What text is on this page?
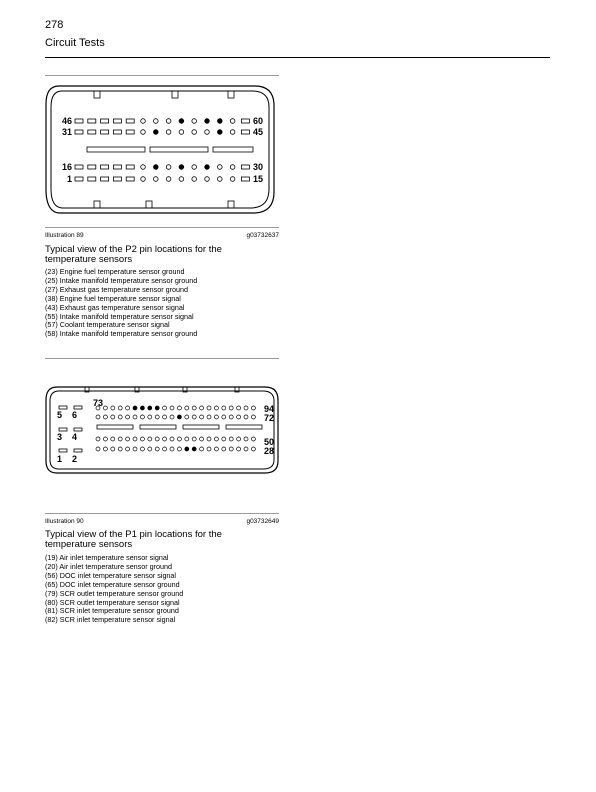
278
Circuit Tests
46	60
31	45
16	30
1	15
Illustration 89	g03732637
Typical view of the P2 pin locations for the temperature sensors
(23) Engine fuel temperature sensor ground
(25) Intake manifold temperature sensor ground
(27) Exhaust gas temperature sensor ground
(38) Engine fuel temperature sensor signal
(43) Exhaust gas temperature sensor signal
(55) Intake manifold temperature sensor signal
(57) Coolant temperature sensor signal
(58) Intake manifold temperature sensor ground
73
94
72
5 6
3 4	50
28
1 2
Illustration 90	g03732649
Typical view of the P1 pin locations for the temperature sensors
(19) Air inlet temperature sensor signal
(20) Air inlet temperature sensor ground
(56) DOC inlet temperature sensor signal
(65) DOC inlet temperature sensor ground
(79) SCR outlet temperature sensor ground
(80) SCR outlet temperature sensor signal
(81) SCR inlet temperature sensor ground
(82) SCR inlet temperature sensor signal
